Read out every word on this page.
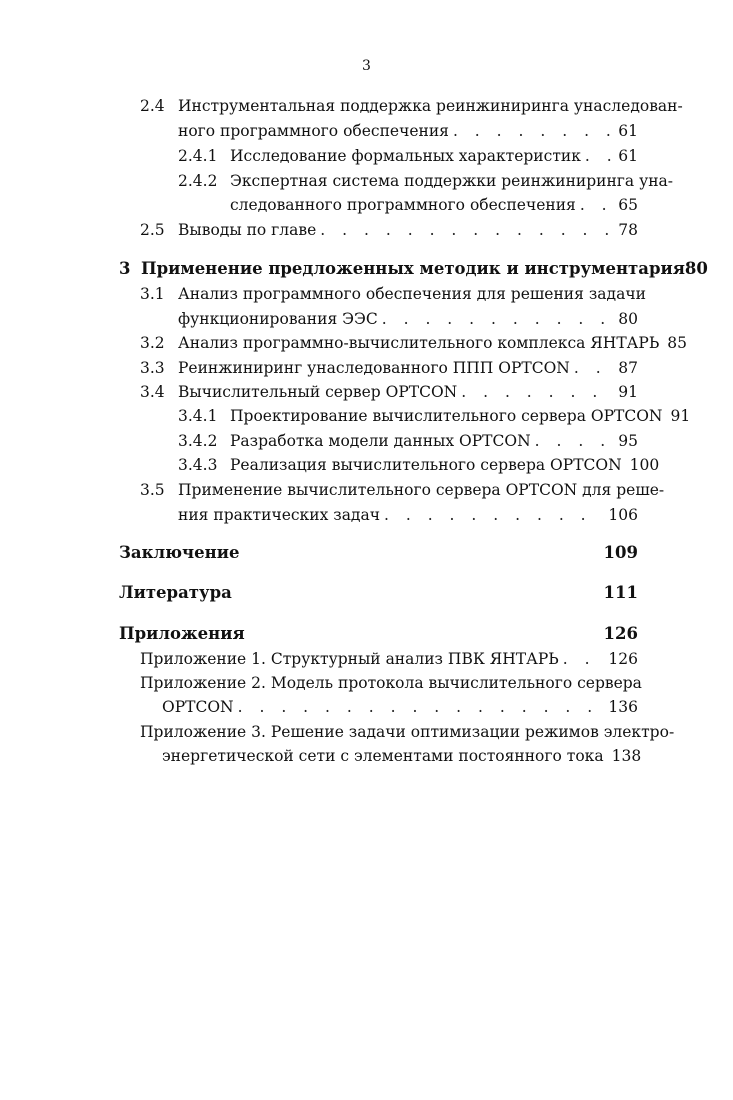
3
2.4 Инструментальная поддержка реинжиниринга унаследован-
ного программного обеспечения . . .	61
2.4.1 Исследование формальных характеристик . . . 61
2.4.2 Экспертная система поддержки реинжиниринга уна-
следованного программного обеспечения . . .	65
2.5 Выводы по главе . . .	78
3 Применение предложенных методик и инструментария 80
3.1 Анализ программного обеспечения для решения задачи
функционирования ЭЭС . . .	80
3.2 Анализ программно-вычислительного комплекса ЯНТАРЬ 85
3.3 Реинжиниринг унаследованного ППП OPTCON . . .	87
3.4 Вычислительный сервер OPTCON . . .	91
3.4.1 Проектирование вычислительного сервера OPTCON 91
3.4.2 Разработка модели данных OPTCON . . .	95
3.4.3 Реализация вычислительного сервера OPTCON 100
3.5 Применение вычислительного сервера OPTCON для реше-
ния практических задач . . .	106
Заключение	109
Литература	111
Приложения	126
Приложение 1. Структурный анализ ПВК ЯНТАРЬ . . .	126
Приложение 2. Модель протокола вычислительного сервера
OPTCON . . .	136
Приложение 3. Решение задачи оптимизации режимов электро-
энергетической сети с элементами постоянного тока 138
